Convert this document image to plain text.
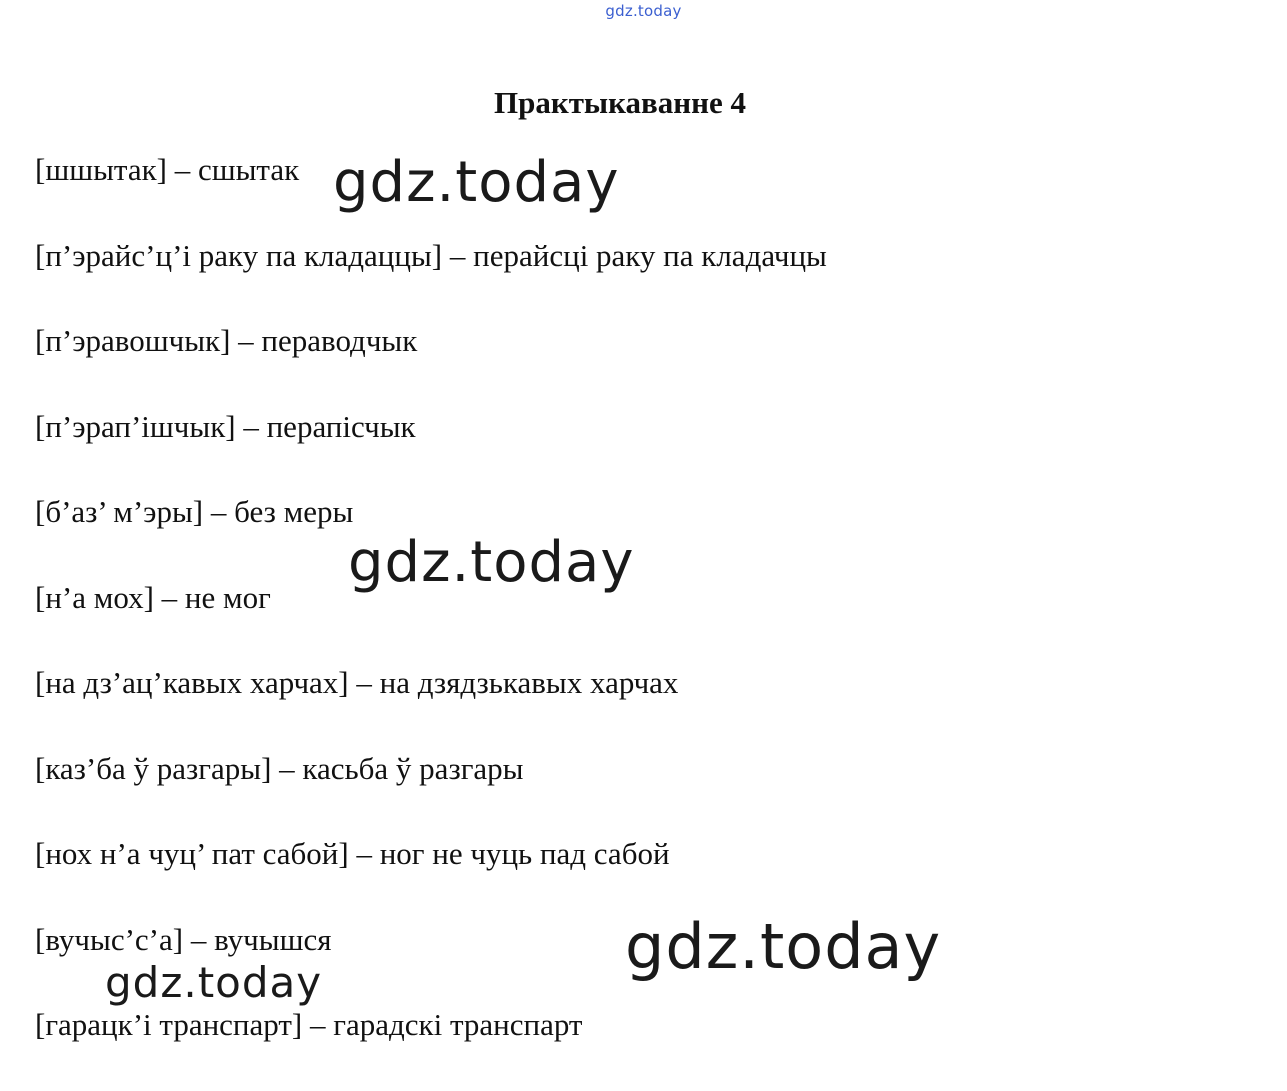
gdz.today
Практыкаванне 4
[шшытак] – сшытак
[п’эрайс’ц’і раку па кладаццы] – перайсці раку па кладачцы
[п’эравошчык] – пераводчык
[п’эрап’ішчык] – перапісчык
[б’аз’ м’эры] – без меры
[н’а мох] – не мог
[на дз’ац’кавых харчах] – на дзядзькавых харчах
[каз’ба ў разгары] – касьба ў разгары
[нох н’а чуц’ пат сабой] – ног не чуць пад сабой
[вучыс’с’а] – вучышся
[гарацк’і транспарт] – гарадскі транспарт
gdz.today
gdz.today
gdz.today
gdz.today
